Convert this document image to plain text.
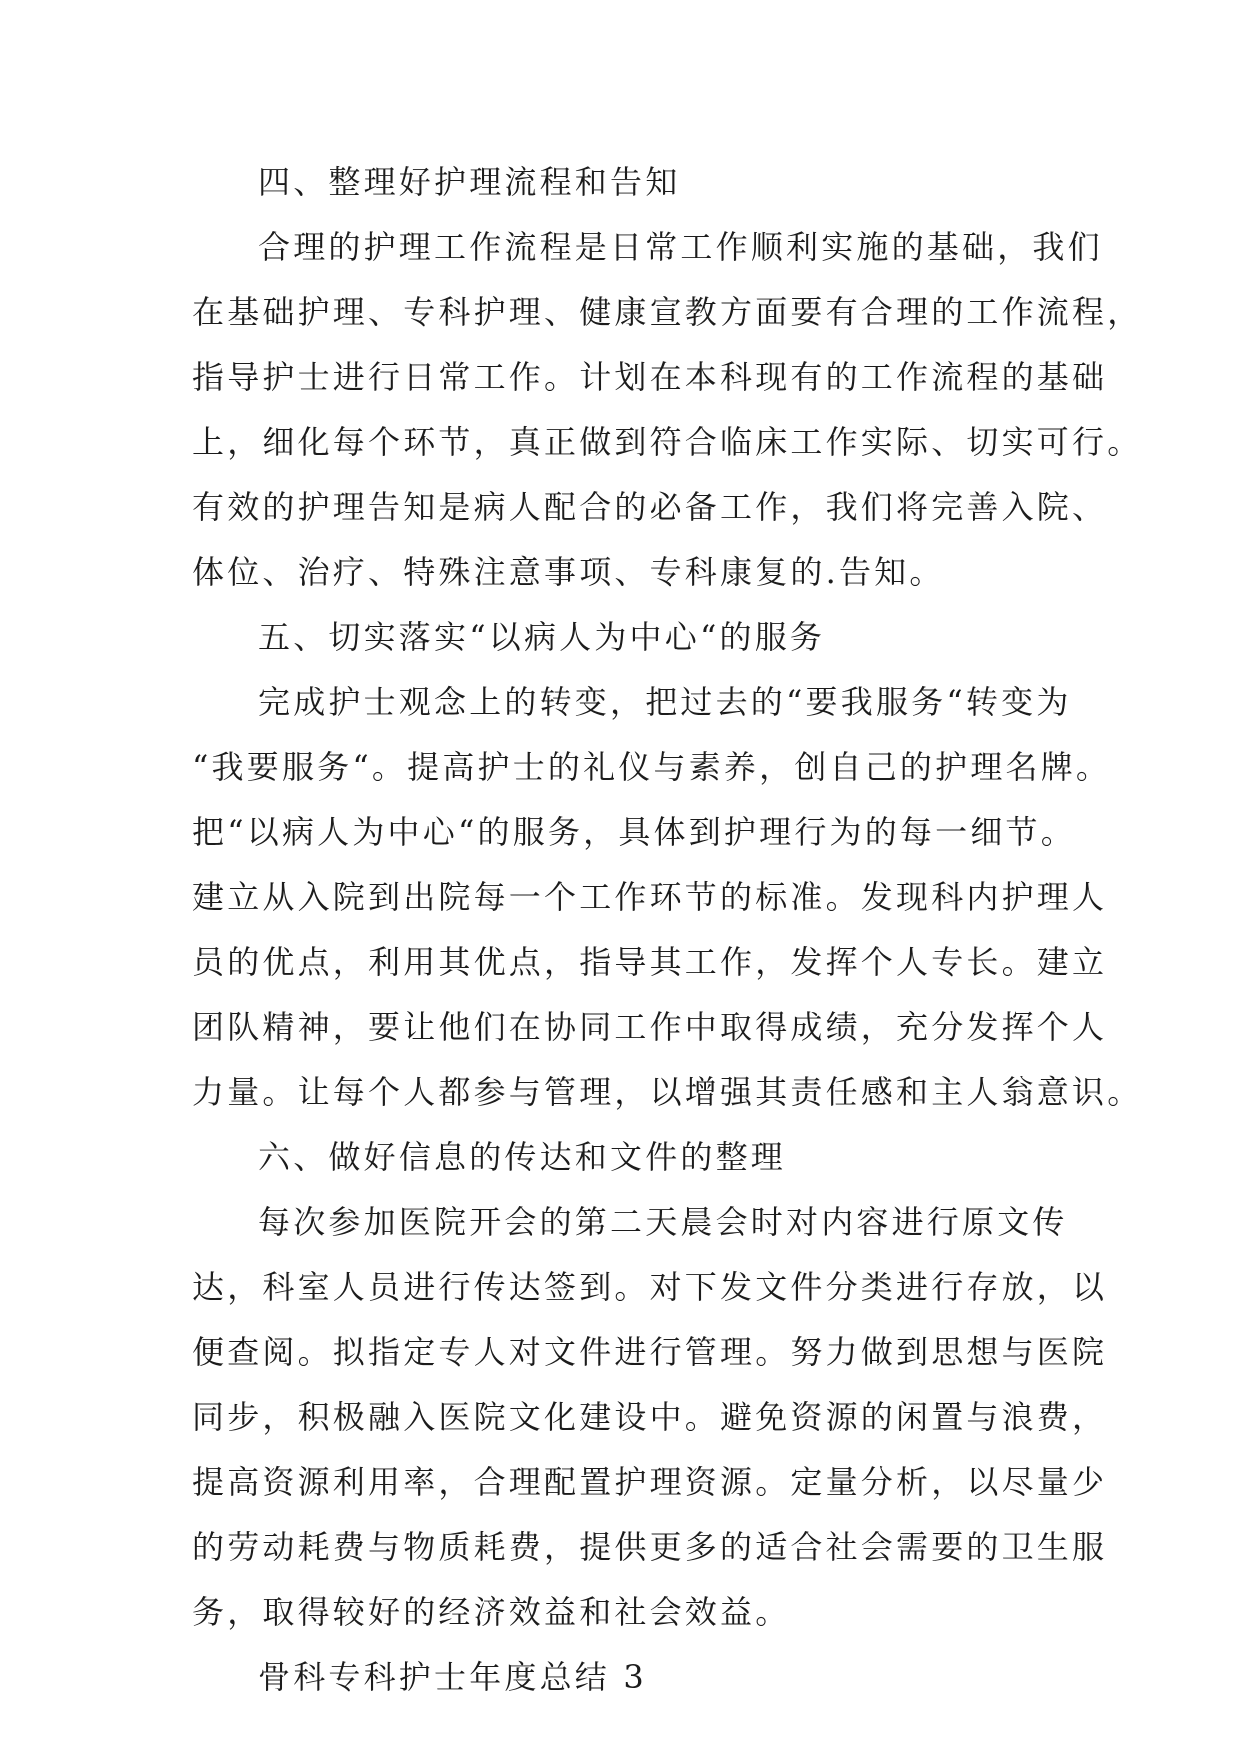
四、整理好护理流程和告知
合理的护理工作流程是日常工作顺利实施的基础，我们
在基础护理、专科护理、健康宣教方面要有合理的工作流程，
指导护士进行日常工作。计划在本科现有的工作流程的基础
上，细化每个环节，真正做到符合临床工作实际、切实可行。
有效的护理告知是病人配合的必备工作，我们将完善入院、
体位、治疗、特殊注意事项、专科康复的.告知。
五、切实落实“以病人为中心“的服务
完成护士观念上的转变，把过去的“要我服务“转变为
“我要服务“。提高护士的礼仪与素养，创自己的护理名牌。
把“以病人为中心“的服务，具体到护理行为的每一细节。
建立从入院到出院每一个工作环节的标准。发现科内护理人
员的优点，利用其优点，指导其工作，发挥个人专长。建立
团队精神，要让他们在协同工作中取得成绩，充分发挥个人
力量。让每个人都参与管理，以增强其责任感和主人翁意识。
六、做好信息的传达和文件的整理
每次参加医院开会的第二天晨会时对内容进行原文传
达，科室人员进行传达签到。对下发文件分类进行存放，以
便查阅。拟指定专人对文件进行管理。努力做到思想与医院
同步，积极融入医院文化建设中。避免资源的闲置与浪费，
提高资源利用率，合理配置护理资源。定量分析，以尽量少
的劳动耗费与物质耗费，提供更多的适合社会需要的卫生服
务，取得较好的经济效益和社会效益。
骨科专科护士年度总结 3
